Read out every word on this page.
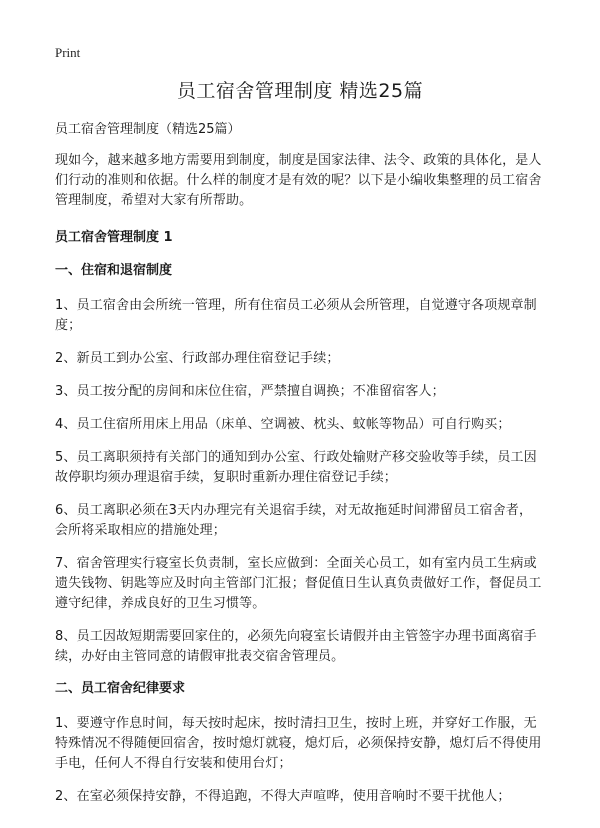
Print
员工宿舍管理制度 精选25篇
员工宿舍管理制度（精选25篇）

现如今，越来越多地方需要用到制度，制度是国家法律、法令、政策的具体化，是人们行动的准则和依据。什么样的制度才是有效的呢？以下是小编收集整理的员工宿舍管理制度，希望对大家有所帮助。

员工宿舍管理制度 1
一、住宿和退宿制度

1、员工宿舍由会所统一管理，所有住宿员工必须从会所管理，自觉遵守各项规章制度；

2、新员工到办公室、行政部办理住宿登记手续；

3、员工按分配的房间和床位住宿，严禁擅自调换；不准留宿客人；

4、员工住宿所用床上用品（床单、空调被、枕头、蚊帐等物品）可自行购买；

5、员工离职须持有关部门的通知到办公室、行政处输财产移交验收等手续，员工因故停职均须办理退宿手续，复职时重新办理住宿登记手续；

6、员工离职必须在3天内办理完有关退宿手续，对无故拖延时间滞留员工宿舍者，会所将采取相应的措施处理；

7、宿舍管理实行寝室长负责制，室长应做到：全面关心员工，如有室内员工生病或遗失钱物、钥匙等应及时向主管部门汇报；督促值日生认真负责做好工作，督促员工遵守纪律，养成良好的卫生习惯等。

8、员工因故短期需要回家住的，必须先向寝室长请假并由主管签字办理书面离宿手续，办好由主管同意的请假审批表交宿舍管理员。

二、员工宿舍纪律要求

1、要遵守作息时间，每天按时起床，按时清扫卫生，按时上班，并穿好工作服，无特殊情况不得随便回宿舍，按时熄灯就寝，熄灯后，必须保持安静，熄灯后不得使用手电，任何人不得自行安装和使用台灯；

2、在室必须保持安静，不得追跑，不得大声喧哗，使用音响时不要干扰他人；
